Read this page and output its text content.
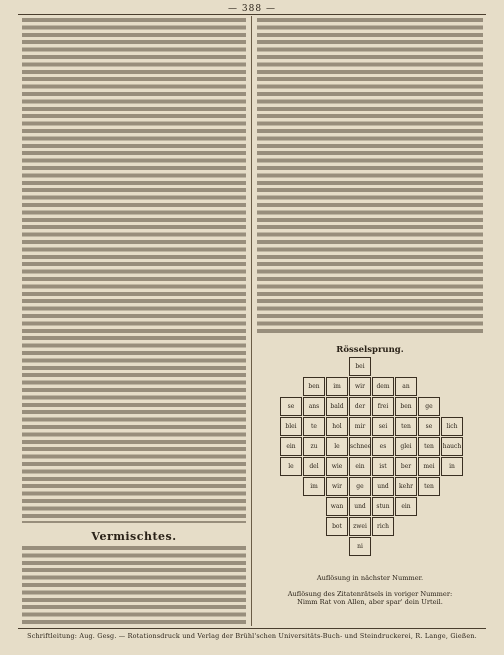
— 388 —
Vermischtes.
Rösselsprung.
bei
ben	im	wir	dem	an
se	ans	bald	der	frei	ben	ge
blei	te	hol	mir	sei	ten	se	lich
ein	zu	le	schnee	es	glei	ten	hauch
le	del	wie	ein	ist	ber	mei	in
im	wir	ge	und	kehr	ten
wan	und	stun	ein
bot	zwei	rich
ni
Auflösung in nächster Nummer.
Auflösung des Zitatenrätsels in voriger Nummer:
Nimm Rat von Allen, aber spar' dein Urteil.
Schriftleitung: Aug. Gesg. — Rotationsdruck und Verlag der Brühl'schen Universitäts-Buch- und Steindruckerei, R. Lange, Gießen.
